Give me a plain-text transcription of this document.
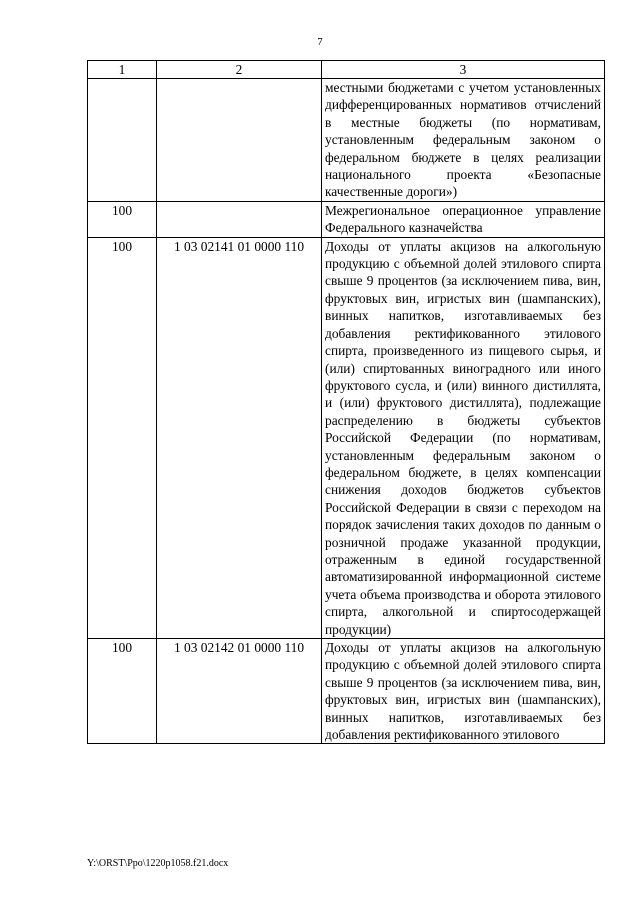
7
1	2	3
		местными бюджетами с учетом установленных дифференцированных нормативов отчислений в местные бюджеты (по нормативам, установленным федеральным законом о федеральном бюджете в целях реализации национального проекта «Безопасные качественные дороги»)
100		Межрегиональное операционное управление Федерального казначейства
100	1 03 02141 01 0000 110	Доходы от уплаты акцизов на алкогольную продукцию с объемной долей этилового спирта свыше 9 процентов (за исключением пива, вин, фруктовых вин, игристых вин (шампанских), винных напитков, изготавливаемых без добавления ректификованного этилового спирта, произведенного из пищевого сырья, и (или) спиртованных виноградного или иного фруктового сусла, и (или) винного дистиллята, и (или) фруктового дистиллята), подлежащие распределению в бюджеты субъектов Российской Федерации (по нормативам, установленным федеральным законом о федеральном бюджете, в целях компенсации снижения доходов бюджетов субъектов Российской Федерации в связи с переходом на порядок зачисления таких доходов по данным о розничной продаже указанной продукции, отраженным в единой государственной автоматизированной информационной системе учета объема производства и оборота этилового спирта, алкогольной и спиртосодержащей продукции)
100	1 03 02142 01 0000 110	Доходы от уплаты акцизов на алкогольную продукцию с объемной долей этилового спирта свыше 9 процентов (за исключением пива, вин, фруктовых вин, игристых вин (шампанских), винных напитков, изготавливаемых без добавления ректификованного этилового
Y:\ORST\Ppo\1220p1058.f21.docx
